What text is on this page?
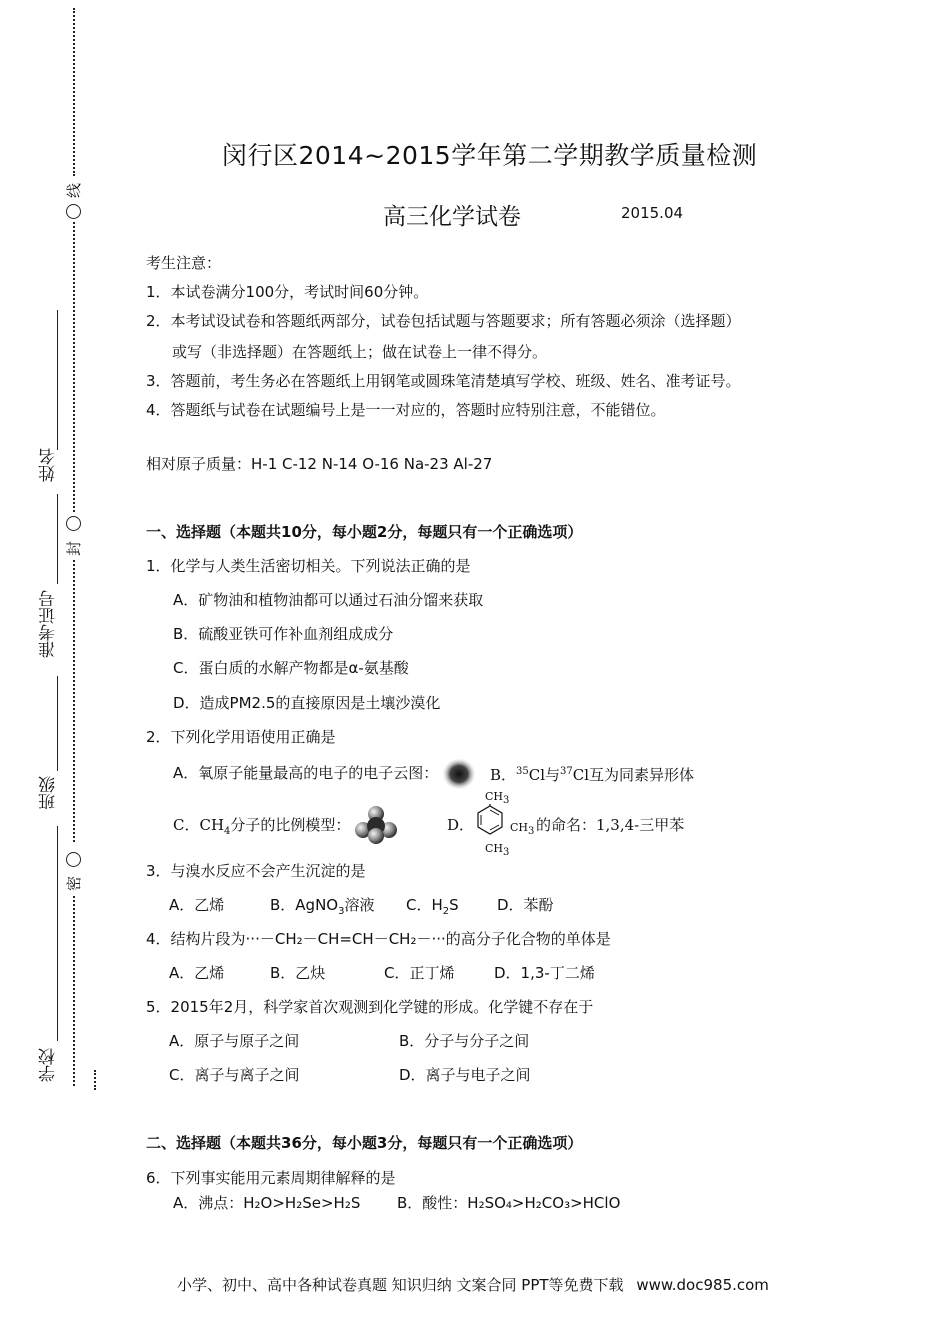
线
封
密
姓名
准考证号
班级
学校
闵行区2014~2015学年第二学期教学质量检测
高三化学试卷	2015.04
考生注意：
1．本试卷满分100分，考试时间60分钟。
2．本考试设试卷和答题纸两部分，试卷包括试题与答题要求；所有答题必须涂（选择题）
或写（非选择题）在答题纸上；做在试卷上一律不得分。
3．答题前，考生务必在答题纸上用钢笔或圆珠笔清楚填写学校、班级、姓名、准考证号。
4．答题纸与试卷在试题编号上是一一对应的，答题时应特别注意，不能错位。
相对原子质量：H-1 C-12 N-14 O-16 Na-23 Al-27
一、选择题（本题共10分，每小题2分，每题只有一个正确选项）
1．化学与人类生活密切相关。下列说法正确的是
A．矿物油和植物油都可以通过石油分馏来获取
B．硫酸亚铁可作补血剂组成成分
C．蛋白质的水解产物都是α-氨基酸
D．造成PM2.5的直接原因是土壤沙漠化
2．下列化学用语使用正确是
A．氧原子能量最高的电子的电子云图：	B．$^{35}$Cl与$^{37}$Cl互为同素异形体
C．$CH_4$分子的比例模型：	D．
$CH_3$
$CH_3$
$CH_3$
的命名：1,3,4-三甲苯
3．与溴水反应不会产生沉淀的是
A．乙烯	B．AgNO$_3$溶液 C．$H_2S$	D．苯酚
4．结构片段为···－CH₂－CH=CH－CH₂－···的高分子化合物的单体是
A．乙烯	B．乙炔	C．正丁烯	D．1,3-丁二烯
5．2015年2月，科学家首次观测到化学键的形成。化学键不存在于
A．原子与原子之间	B．分子与分子之间
C．离子与离子之间	D．离子与电子之间
二、选择题（本题共36分，每小题3分，每题只有一个正确选项）
6．下列事实能用元素周期律解释的是
A．沸点：H₂O>H₂Se>H₂S B．酸性：H₂SO₄>H₂CO₃>HClO
小学、初中、高中各种试卷真题 知识归纳 文案合同 PPT等免费下载 www.doc985.com
